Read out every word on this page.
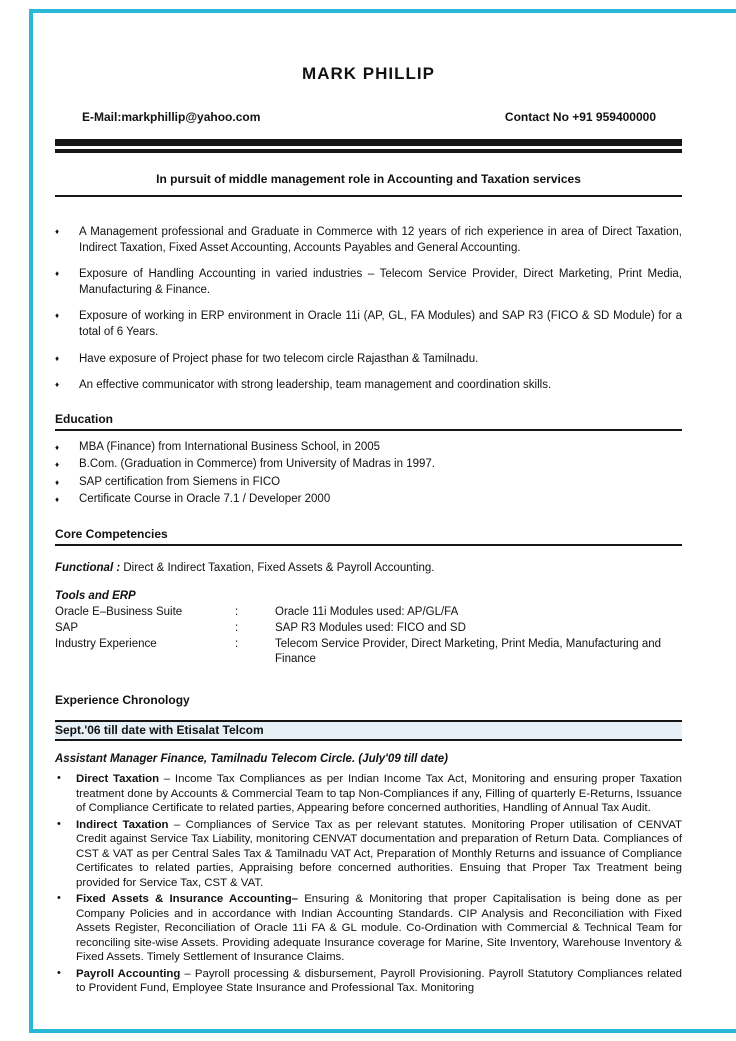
MARK PHILLIP
E-Mail:markphillip@yahoo.com	Contact No +91 959400000
In pursuit of middle management role in Accounting and Taxation services
♦	A Management professional and Graduate in Commerce with 12 years of rich experience in area of Direct Taxation, Indirect Taxation, Fixed Asset Accounting, Accounts Payables and General Accounting.
♦	Exposure of Handling Accounting in varied industries – Telecom Service Provider, Direct Marketing, Print Media, Manufacturing & Finance.
♦	Exposure of working in ERP environment in Oracle 11i (AP, GL, FA Modules) and SAP R3 (FICO & SD Module) for a total of 6 Years.
♦	Have exposure of Project phase for two telecom circle Rajasthan & Tamilnadu.
♦	An effective communicator with strong leadership, team management and coordination skills.
Education
♦	MBA (Finance) from International Business School, in 2005
♦	B.Com. (Graduation in Commerce) from University of Madras in 1997.
♦	SAP certification from Siemens in FICO
♦	Certificate Course in Oracle 7.1 / Developer 2000
Core Competencies
Functional : Direct & Indirect Taxation, Fixed Assets & Payroll Accounting.
Tools and ERP
Oracle E–Business Suite	:	Oracle 11i Modules used: AP/GL/FA
SAP	:	SAP R3 Modules used: FICO and SD
Industry Experience	:	Telecom Service Provider, Direct Marketing, Print Media, Manufacturing and Finance
Experience Chronology
Sept.'06 till date with Etisalat Telcom
Assistant Manager Finance, Tamilnadu Telecom Circle. (July'09 till date)
•	Direct Taxation – Income Tax Compliances as per Indian Income Tax Act, Monitoring and ensuring proper Taxation treatment done by Accounts & Commercial Team to tap Non-Compliances if any, Filling of quarterly E-Returns, Issuance of Compliance Certificate to related parties, Appearing before concerned authorities, Handling of Annual Tax Audit.
•	Indirect Taxation – Compliances of Service Tax as per relevant statutes. Monitoring Proper utilisation of CENVAT Credit against Service Tax Liability, monitoring CENVAT documentation and preparation of Return Data. Compliances of CST & VAT as per Central Sales Tax & Tamilnadu VAT Act, Preparation of Monthly Returns and issuance of Compliance Certificates to related parties, Appraising before concerned authorities. Ensuing that Proper Tax Treatment being provided for Service Tax, CST & VAT.
•	Fixed Assets & Insurance Accounting– Ensuring & Monitoring that proper Capitalisation is being done as per Company Policies and in accordance with Indian Accounting Standards. CIP Analysis and Reconciliation with Fixed Assets Register, Reconciliation of Oracle 11i FA & GL module. Co-Ordination with Commercial & Technical Team for reconciling site-wise Assets. Providing adequate Insurance coverage for Marine, Site Inventory, Warehouse Inventory & Fixed Assets. Timely Settlement of Insurance Claims.
•	Payroll Accounting – Payroll processing & disbursement, Payroll Provisioning. Payroll Statutory Compliances related to Provident Fund, Employee State Insurance and Professional Tax. Monitoring
